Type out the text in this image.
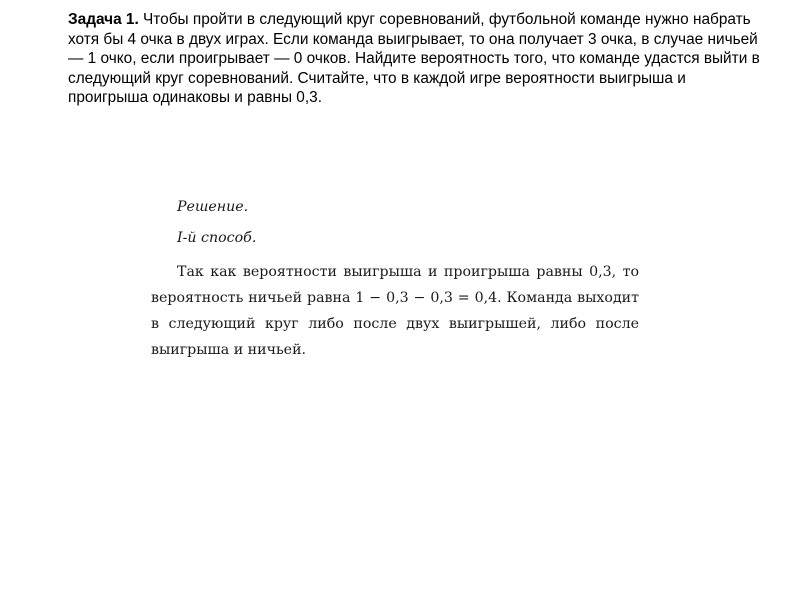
Задача 1. Чтобы пройти в следующий круг соревнований, футбольной команде нужно набрать хотя бы 4 очка в двух играх. Если команда выигрывает, то она получает 3 очка, в случае ничьей — 1 очко, если проигрывает — 0 очков. Найдите вероятность того, что команде удастся выйти в следующий круг соревнований. Считайте, что в каждой игре вероятности выигрыша и проигрыша одинаковы и равны 0,3.

Решение.

I-й способ.

Так как вероятности выигрыша и проигрыша равны 0,3, то вероятность ничьей равна 1 − 0,3 − 0,3 = 0,4. Команда выходит в следующий круг либо после двух выигрышей, либо после выигрыша и ничьей.
